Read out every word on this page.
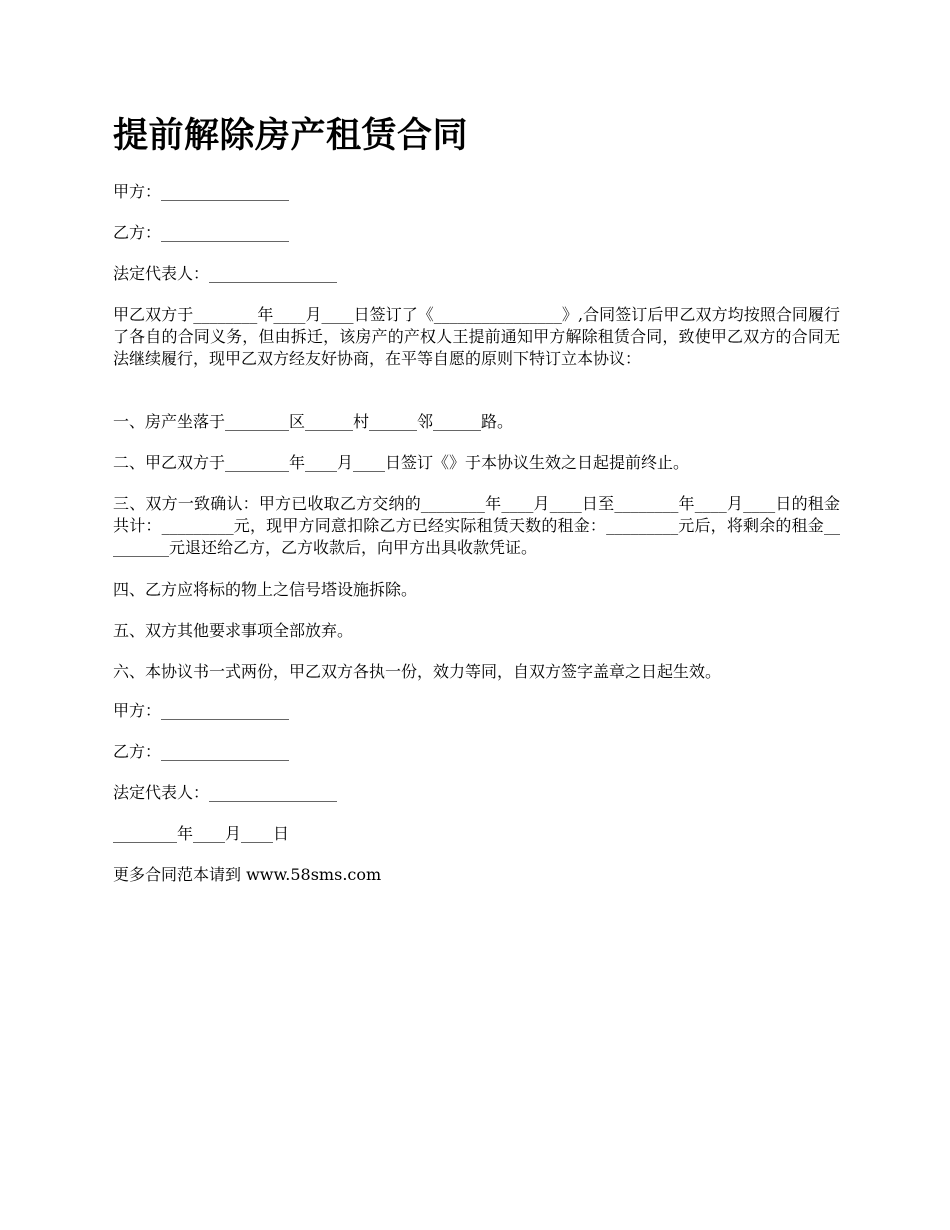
提前解除房产租赁合同

甲方：________________

乙方：________________

法定代表人：________________

甲乙双方于________年____月____日签订了《________________》,合同签订后甲乙双方均按照合同履行了各自的合同义务，但由拆迁，该房产的产权人王提前通知甲方解除租赁合同，致使甲乙双方的合同无法继续履行，现甲乙双方经友好协商，在平等自愿的原则下特订立本协议：

一、房产坐落于________区______村______邻______路。

二、甲乙双方于________年____月____日签订《》于本协议生效之日起提前终止。

三、双方一致确认：甲方已收取乙方交纳的________年____月____日至________年____月____日的租金共计：_________元，现甲方同意扣除乙方已经实际租赁天数的租金：_________元后，将剩余的租金_________元退还给乙方，乙方收款后，向甲方出具收款凭证。

四、乙方应将标的物上之信号塔设施拆除。

五、双方其他要求事项全部放弃。

六、本协议书一式两份，甲乙双方各执一份，效力等同，自双方签字盖章之日起生效。

甲方：________________

乙方：________________

法定代表人：________________

________年____月____日

更多合同范本请到 www.58sms.com
